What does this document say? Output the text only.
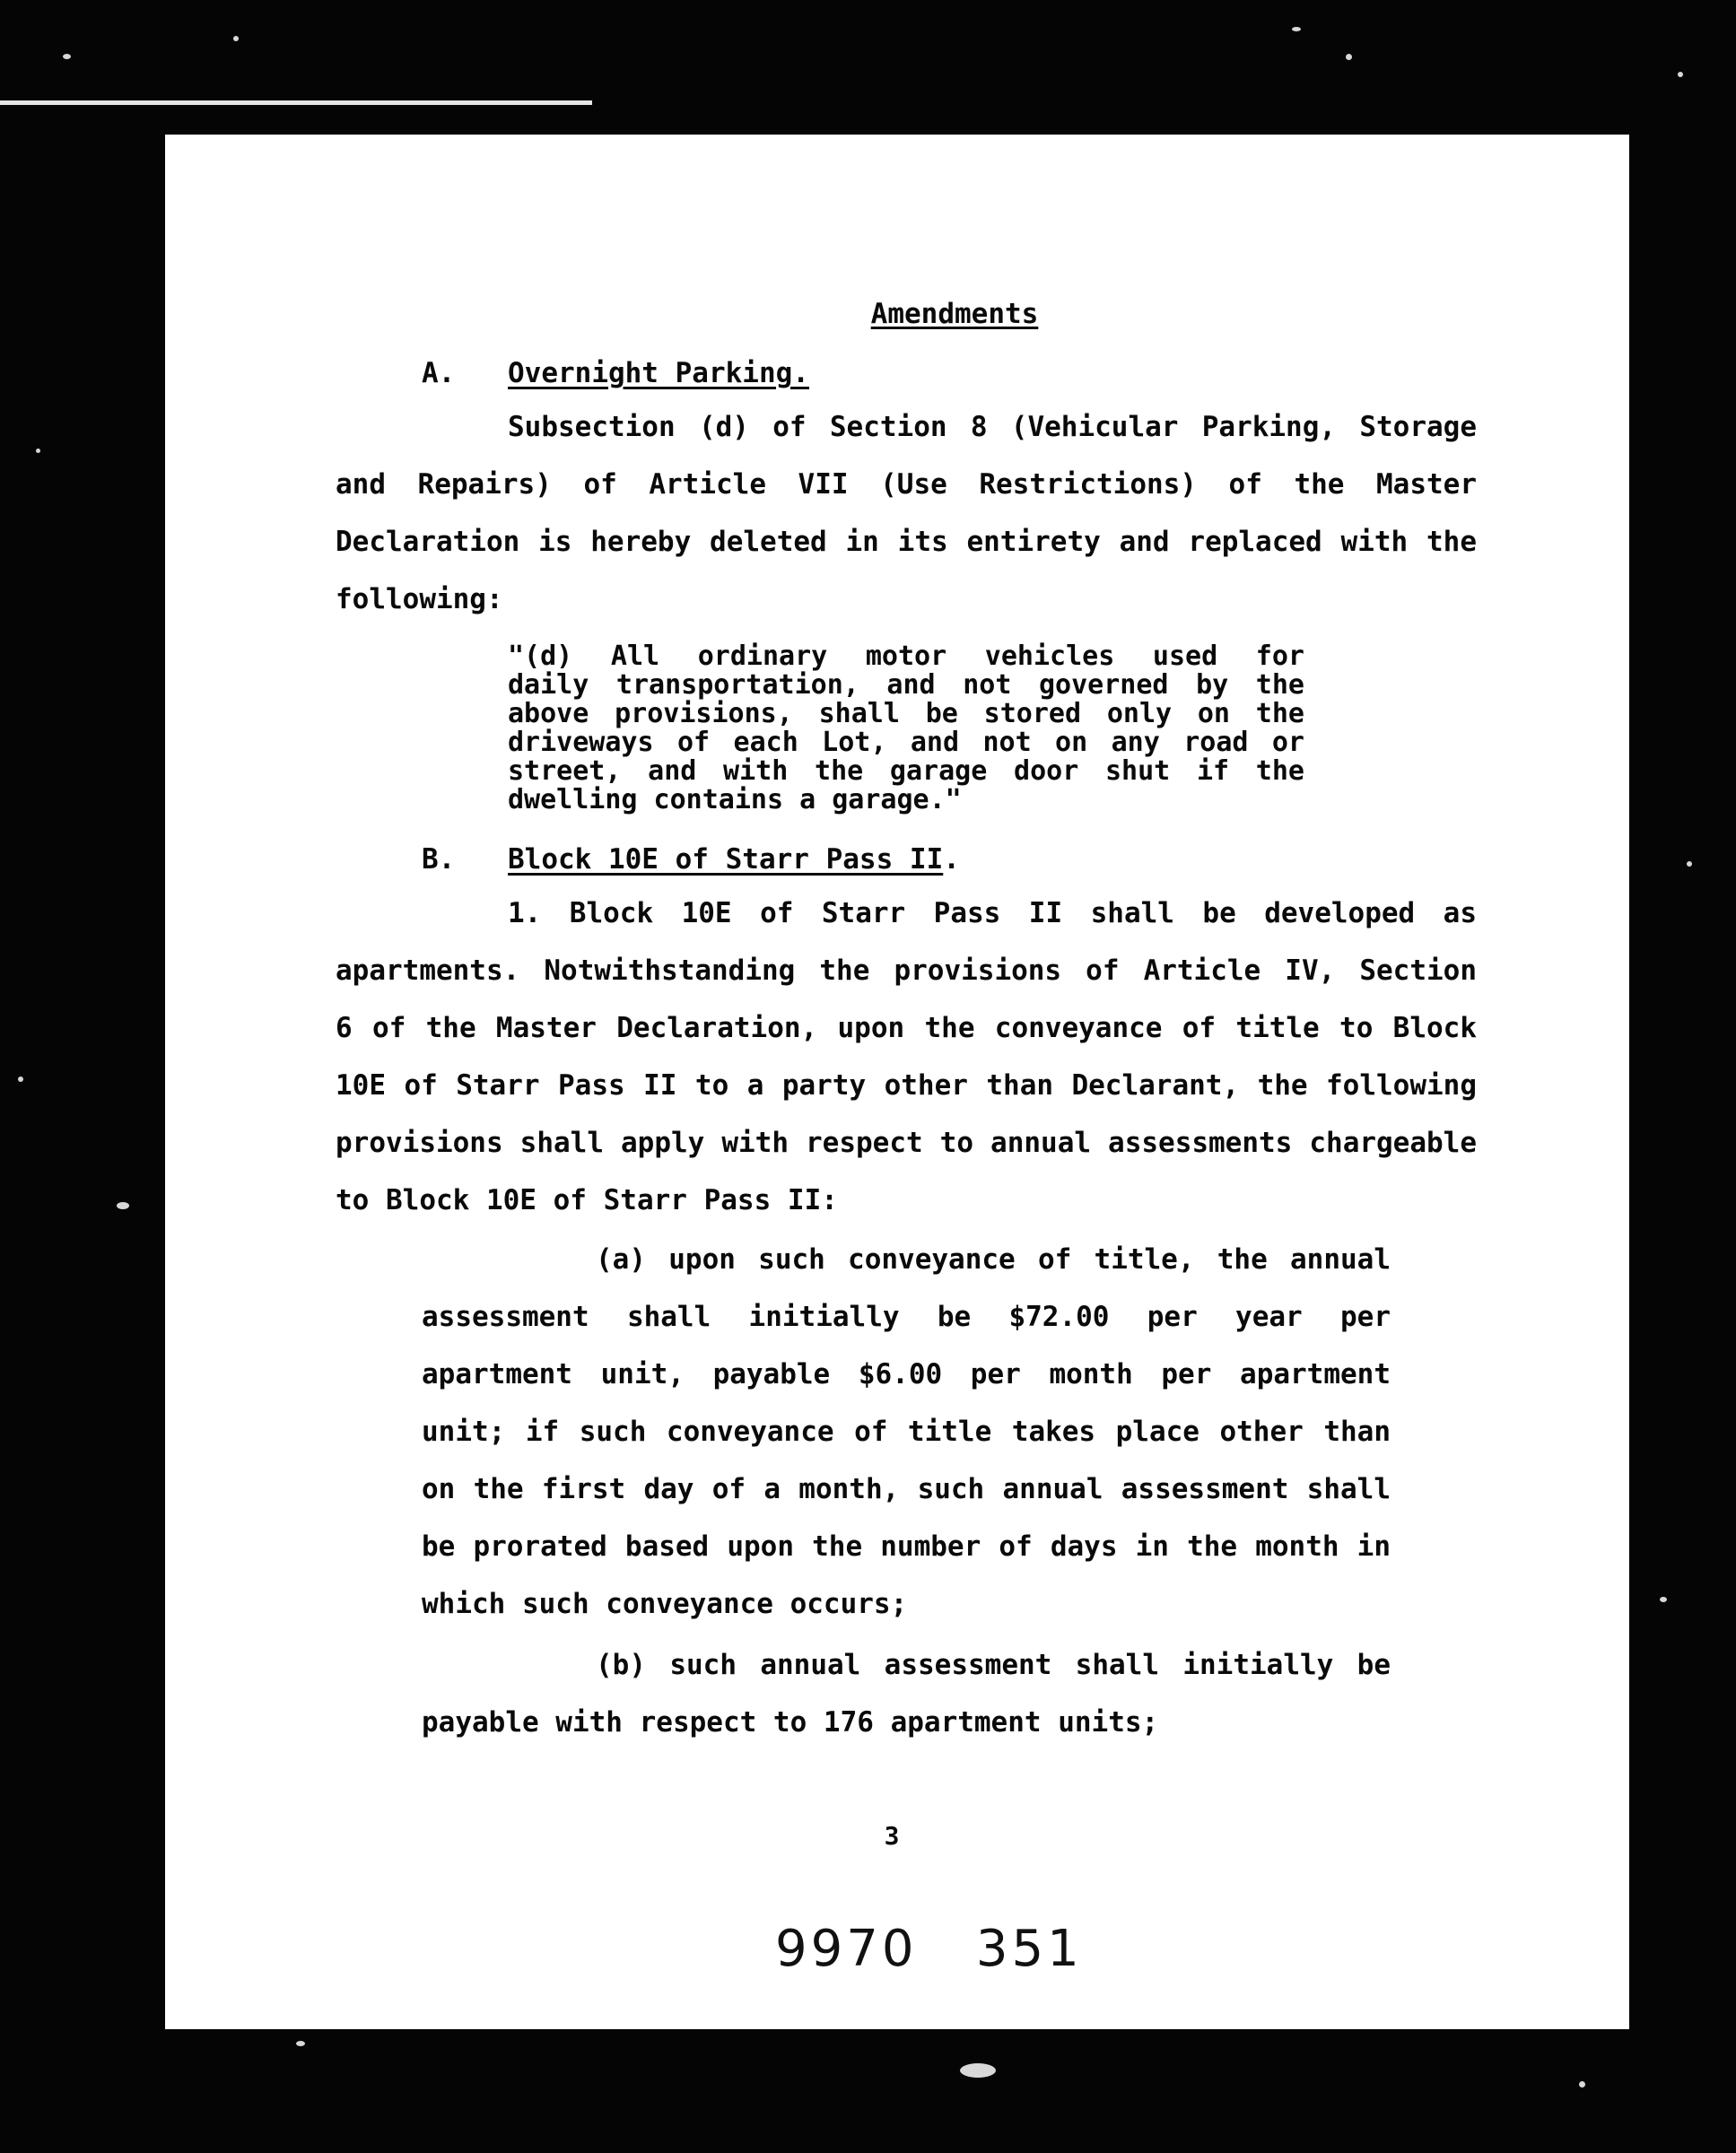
Amendments
A. Overnight Parking.
Subsection (d) of Section 8 (Vehicular Parking, Storage
and Repairs) of Article VII (Use Restrictions) of the Master
Declaration is hereby deleted in its entirety and replaced with the
following:
"(d) All ordinary motor vehicles used for
daily transportation, and not governed by the
above provisions, shall be stored only on the
driveways of each Lot, and not on any road or
street, and with the garage door shut if the
dwelling contains a garage."
B. Block 10E of Starr Pass II.
1. Block 10E of Starr Pass II shall be developed as
apartments. Notwithstanding the provisions of Article IV, Section
6 of the Master Declaration, upon the conveyance of title to Block
10E of Starr Pass II to a party other than Declarant, the following
provisions shall apply with respect to annual assessments chargeable
to Block 10E of Starr Pass II:
(a) upon such conveyance of title, the annual
assessment shall initially be $72.00 per year per
apartment unit, payable $6.00 per month per apartment
unit; if such conveyance of title takes place other than
on the first day of a month, such annual assessment shall
be prorated based upon the number of days in the month in
which such conveyance occurs;
(b) such annual assessment shall initially be
payable with respect to 176 apartment units;
3
9970   351
